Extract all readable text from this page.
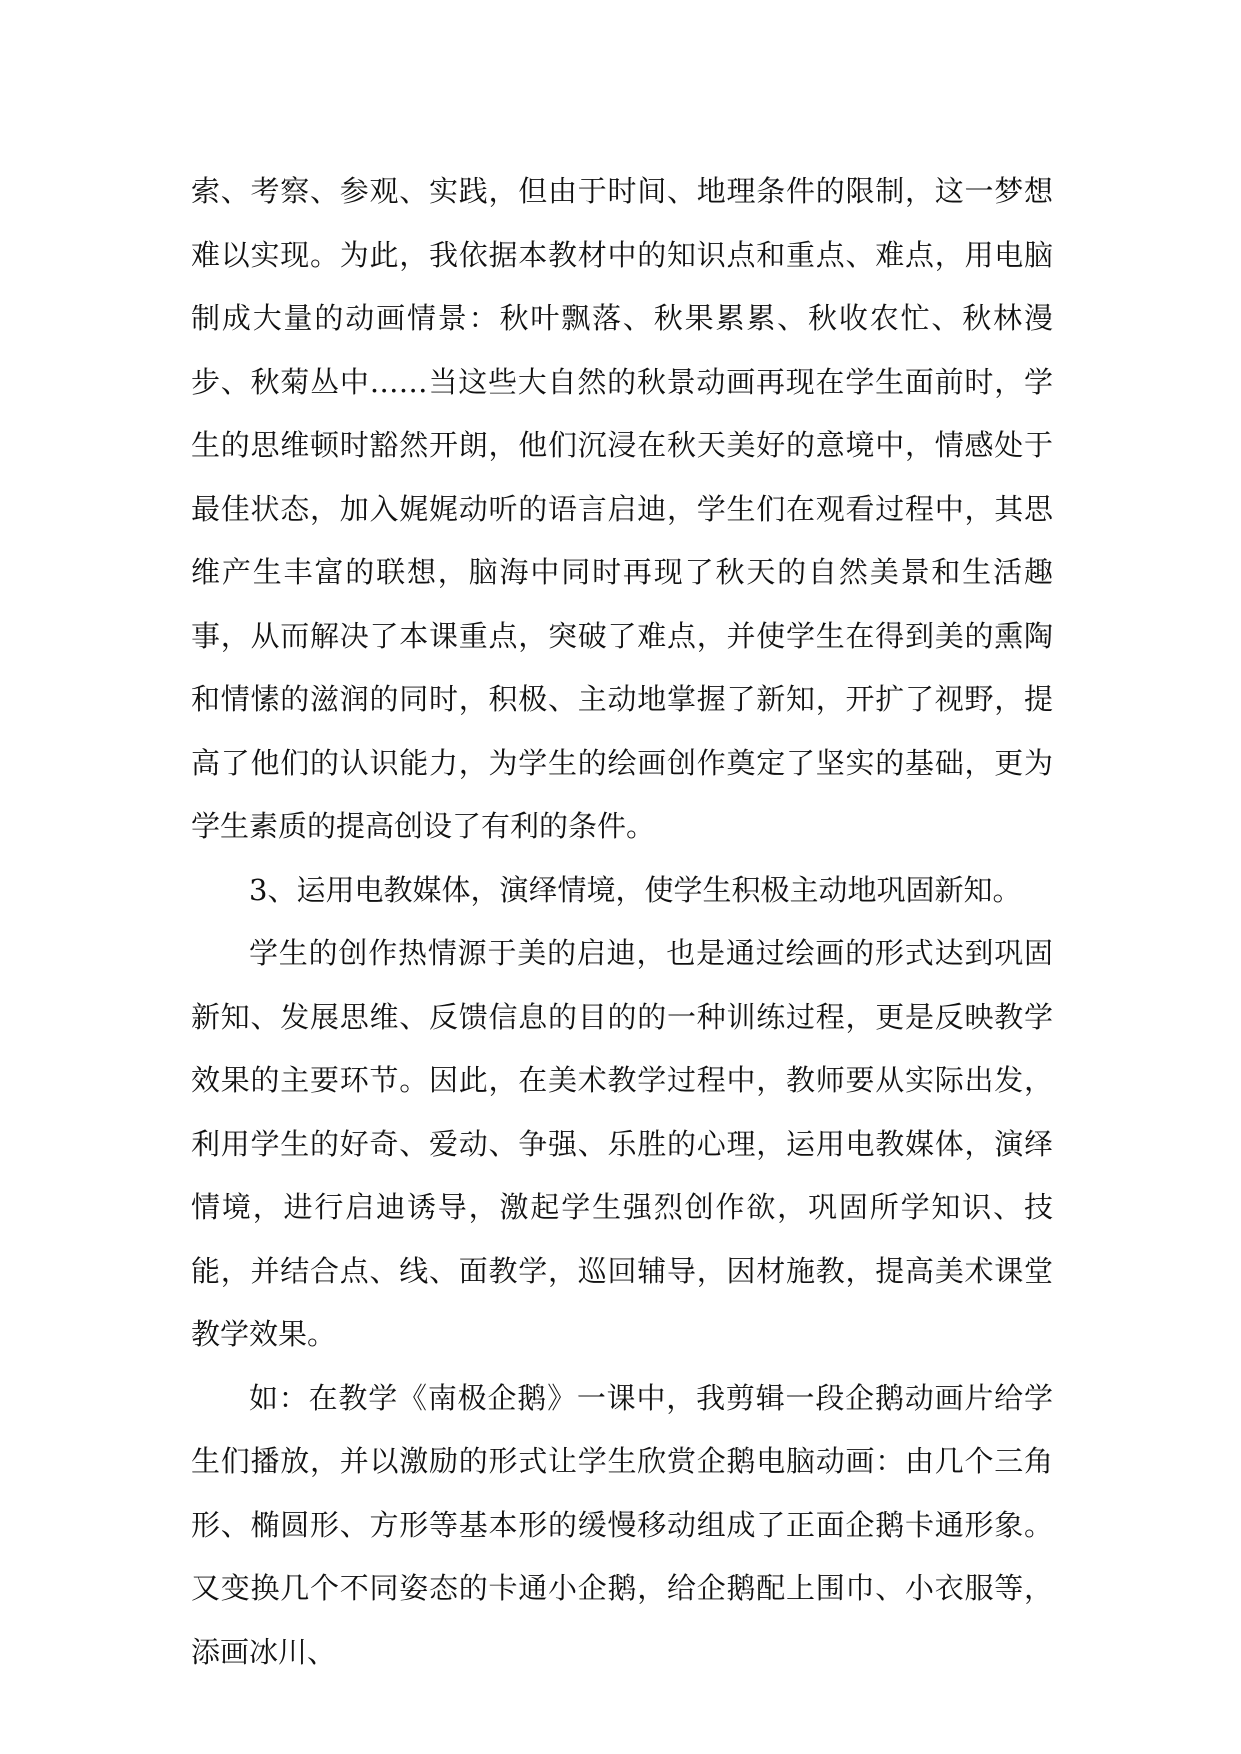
索、考察、参观、实践，但由于时间、地理条件的限制，这一梦想难以实现。为此，我依据本教材中的知识点和重点、难点，用电脑制成大量的动画情景：秋叶飘落、秋果累累、秋收农忙、秋林漫步、秋菊丛中……当这些大自然的秋景动画再现在学生面前时，学生的思维顿时豁然开朗，他们沉浸在秋天美好的意境中，情感处于最佳状态，加入娓娓动听的语言启迪，学生们在观看过程中，其思维产生丰富的联想，脑海中同时再现了秋天的自然美景和生活趣事，从而解决了本课重点，突破了难点，并使学生在得到美的熏陶和情愫的滋润的同时，积极、主动地掌握了新知，开扩了视野，提高了他们的认识能力，为学生的绘画创作奠定了坚实的基础，更为学生素质的提高创设了有利的条件。

3、运用电教媒体，演绎情境，使学生积极主动地巩固新知。

学生的创作热情源于美的启迪，也是通过绘画的形式达到巩固新知、发展思维、反馈信息的目的的一种训练过程，更是反映教学效果的主要环节。因此，在美术教学过程中，教师要从实际出发，利用学生的好奇、爱动、争强、乐胜的心理，运用电教媒体，演绎情境，进行启迪诱导，激起学生强烈创作欲，巩固所学知识、技能，并结合点、线、面教学，巡回辅导，因材施教，提高美术课堂教学效果。

如：在教学《南极企鹅》一课中，我剪辑一段企鹅动画片给学生们播放，并以激励的形式让学生欣赏企鹅电脑动画：由几个三角形、椭圆形、方形等基本形的缓慢移动组成了正面企鹅卡通形象。又变换几个不同姿态的卡通小企鹅，给企鹅配上围巾、小衣服等，添画冰川、
